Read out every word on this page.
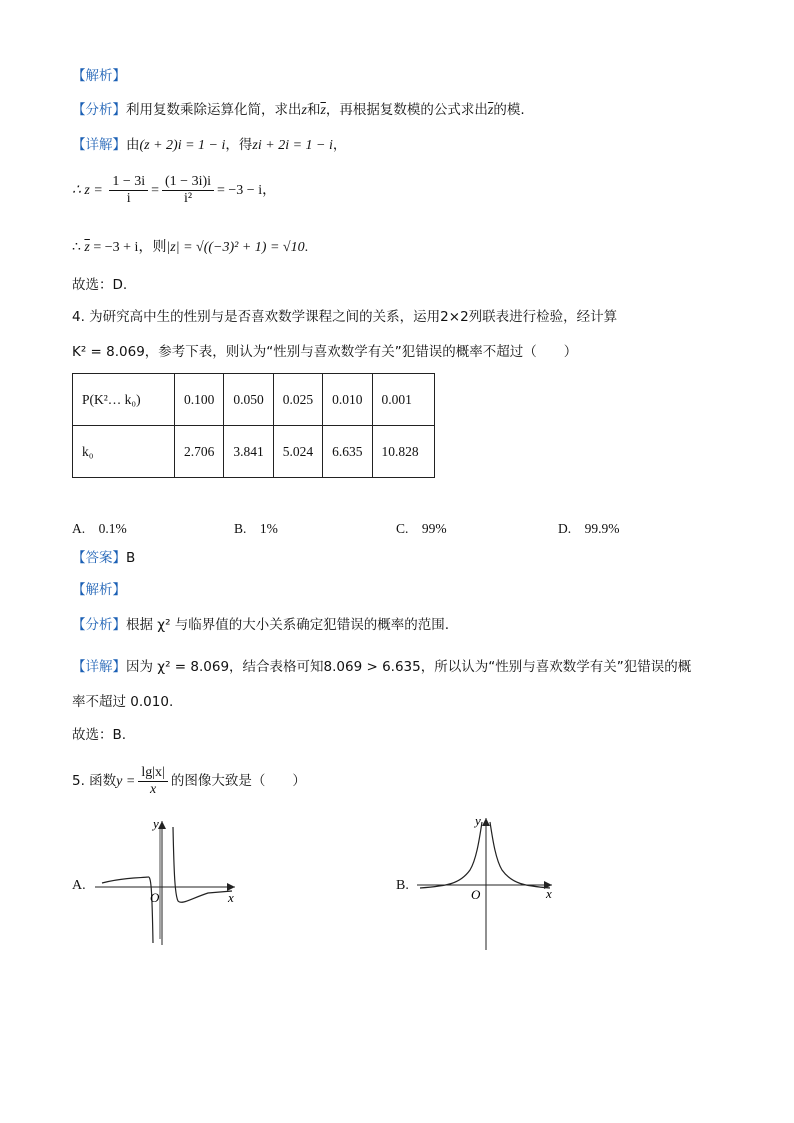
【解析】
【分析】利用复数乘除运算化简，求出z和$\overline{z}$，再根据复数模的公式求出$\overline{z}$的模.
【详解】由(z + 2)i = 1 − i，得zi + 2i = 1 − i，
∴ $z = \frac{1 - 3i}{i} = \frac{(1 - 3i)i}{\text{i²}} = -3 - i$，
∴ $\overline{z} = -3 + i$，则|z| = √((−3)² + 1) = √10.
故选：D.
4. 为研究高中生的性别与是否喜欢数学课程之间的关系，运用2×2列联表进行检验，经计算
K² = 8.069，参考下表，则认为“性别与喜欢数学有关”犯错误的概率不超过（　　）
P(K²… k₀)	0.100	0.050	0.025	0.010	0.001
k₀	2.706	3.841	5.024	6.635	10.828
A.　0.1%	B.　1%	C.　99%	D.　99.9%
【答案】B
【解析】
【分析】根据 χ² 与临界值的大小关系确定犯错误的概率的范围.
【详解】因为 χ² = 8.069，结合表格可知8.069 > 6.635，所以认为“性别与喜欢数学有关”犯错误的概
率不超过 0.010.
故选：B.
5. 函数$y = \frac{\lg|x|}{x}$ 的图像大致是（　　）
A.
y
x
O
B.
y
x
O
